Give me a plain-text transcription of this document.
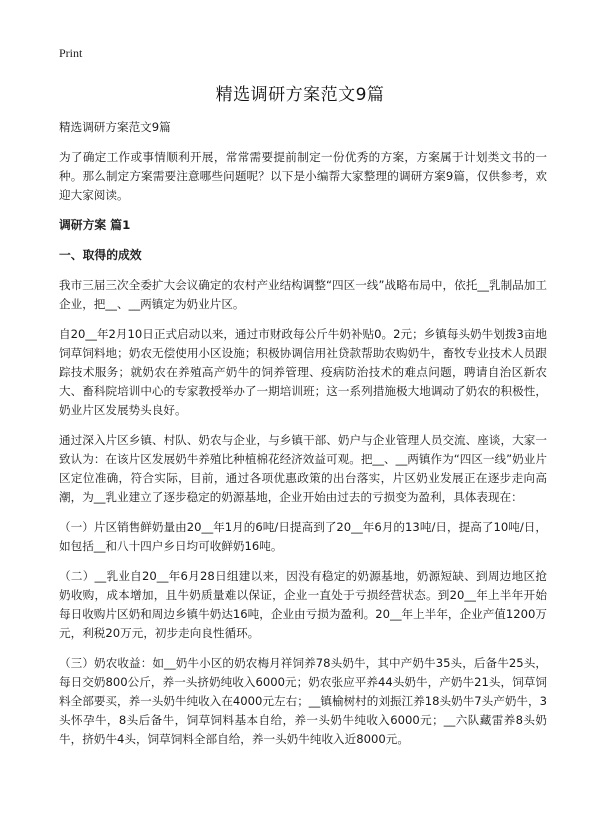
Print
精选调研方案范文9篇

精选调研方案范文9篇

为了确定工作或事情顺利开展，常常需要提前制定一份优秀的方案，方案属于计划类文书的一种。那么制定方案需要注意哪些问题呢？以下是小编帮大家整理的调研方案9篇，仅供参考，欢迎大家阅读。

调研方案 篇1
一、取得的成效

我市三届三次全委扩大会议确定的农村产业结构调整“四区一线”战略布局中，依托__乳制品加工企业，把__、__两镇定为奶业片区。

自20__年2月10日正式启动以来，通过市财政每公斤牛奶补贴0。2元；乡镇每头奶牛划拨3亩地饲草饲料地；奶农无偿使用小区设施；积极协调信用社贷款帮助农购奶牛，畜牧专业技术人员跟踪技术服务；就奶农在养殖高产奶牛的饲养管理、疫病防治技术的难点问题，聘请自治区新农大、畜科院培训中心的专家教授举办了一期培训班；这一系列措施极大地调动了奶农的积极性，奶业片区发展势头良好。

通过深入片区乡镇、村队、奶农与企业，与乡镇干部、奶户与企业管理人员交流、座谈，大家一致认为：在该片区发展奶牛养殖比种植棉花经济效益可观。把__、__两镇作为“四区一线”奶业片区定位准确，符合实际，目前，通过各项优惠政策的出台落实，片区奶业发展正在逐步走向高潮，为__乳业建立了逐步稳定的奶源基地，企业开始由过去的亏损变为盈利，具体表现在：

（一）片区销售鲜奶量由20__年1月的6吨/日提高到了20__年6月的13吨/日，提高了10吨/日，如包括__和八十四户乡日均可收鲜奶16吨。

（二）__乳业自20__年6月28日组建以来，因没有稳定的奶源基地，奶源短缺、到周边地区抢奶收购，成本增加，且牛奶质量难以保证，企业一直处于亏损经营状态。到20__年上半年开始每日收购片区奶和周边乡镇牛奶达16吨，企业由亏损为盈利。20__年上半年，企业产值1200万元，利税20万元，初步走向良性循环。

（三）奶农收益：如__奶牛小区的奶农梅月祥饲养78头奶牛，其中产奶牛35头，后备牛25头，每日交奶800公斤，养一头挤奶纯收入6000元；奶农张应平养44头奶牛，产奶牛21头，饲草饲料全部要买，养一头奶牛纯收入在4000元左右；__镇榆树村的刘振江养18头奶牛7头产奶牛，3头怀孕牛，8头后备牛，饲草饲料基本自给，养一头奶牛纯收入6000元；__六队藏雷养8头奶牛，挤奶牛4头，饲草饲料全部自给，养一头奶牛纯收入近8000元。
